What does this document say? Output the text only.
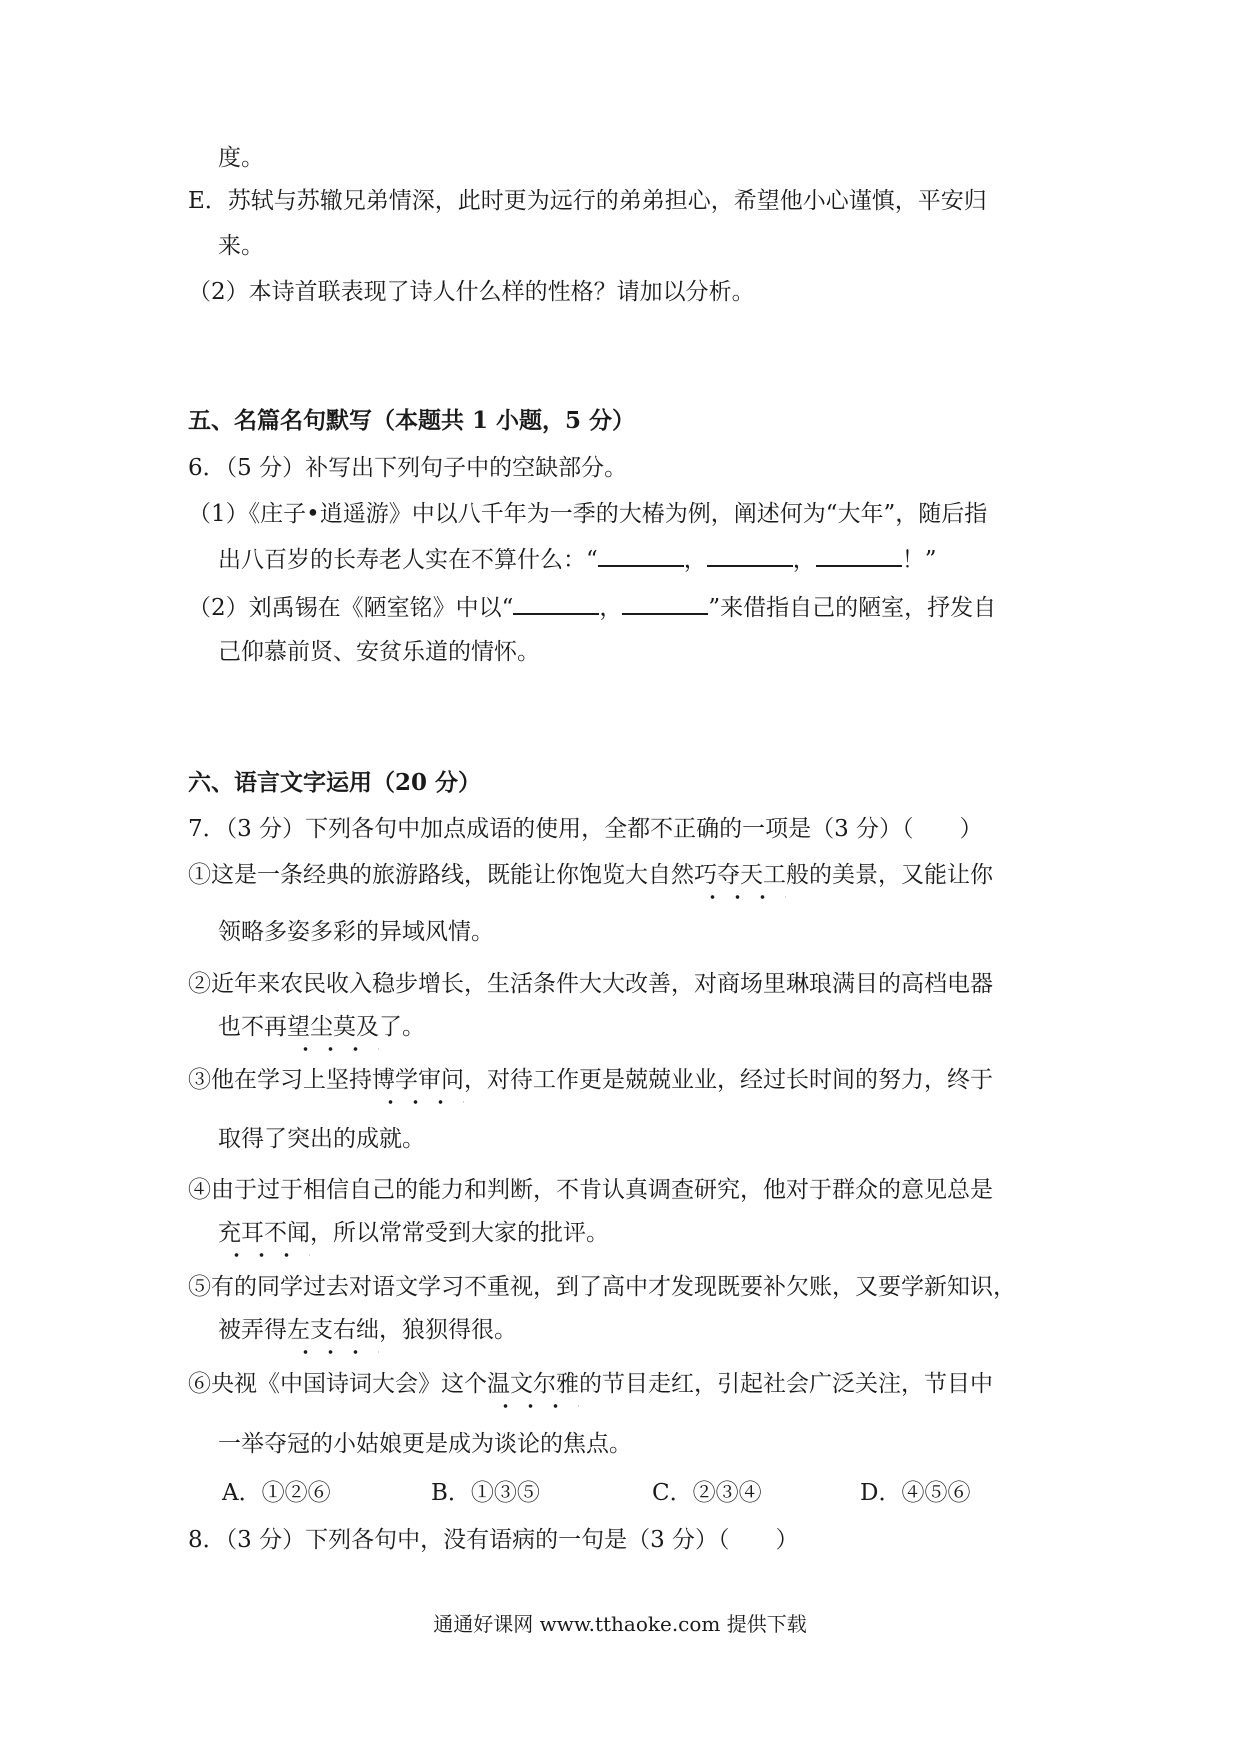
度。
E．苏轼与苏辙兄弟情深，此时更为远行的弟弟担心，希望他小心谨慎，平安归
来。
（2）本诗首联表现了诗人什么样的性格？请加以分析。
五、名篇名句默写（本题共 1 小题，5 分）
6．（5 分）补写出下列句子中的空缺部分。
（1）《庄子•逍遥游》中以八千年为一季的大椿为例，阐述何为“大年”，随后指
出八百岁的长寿老人实在不算什么：“	，	，	！”
（2）刘禹锡在《陋室铭》中以“	，	”来借指自己的陋室，抒发自
己仰慕前贤、安贫乐道的情怀。
六、语言文字运用（20 分）
7．（3 分）下列各句中加点成语的使用，全都不正确的一项是（3 分）（　　）
①这是一条经典的旅游路线，既能让你饱览大自然巧夺天工般的美景，又能让你
领略多姿多彩的异域风情。
②近年来农民收入稳步增长，生活条件大大改善，对商场里琳琅满目的高档电器
也不再望尘莫及了。
③他在学习上坚持博学审问，对待工作更是兢兢业业，经过长时间的努力，终于
取得了突出的成就。
④由于过于相信自己的能力和判断，不肯认真调查研究，他对于群众的意见总是
充耳不闻，所以常常受到大家的批评。
⑤有的同学过去对语文学习不重视，到了高中才发现既要补欠账，又要学新知识，
被弄得左支右绌，狼狈得很。
⑥央视《中国诗词大会》这个温文尔雅的节目走红，引起社会广泛关注，节目中
一举夺冠的小姑娘更是成为谈论的焦点。
A．①②⑥	B．①③⑤	C．②③④	D．④⑤⑥
8．（3 分）下列各句中，没有语病的一句是（3 分）（　　）
通通好课网 www.tthaoke.com 提供下载
